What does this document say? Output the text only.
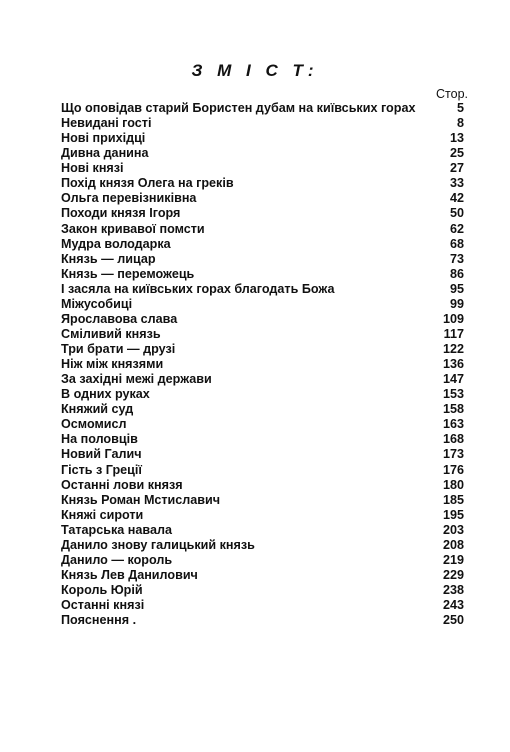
З М І С Т:
Стор.
Що оповідав старий Бористен дубам на київських горах	5
Невидані гості	8
Нові прихідці	13
Дивна данина	25
Нові князі	27
Похід князя Олега на греків	33
Ольга перевізниківна	42
Походи князя Ігоря	50
Закон кривавої помсти	62
Мудра володарка	68
Князь — лицар	73
Князь — переможець	86
І засяла на київських горах благодать Божа	95
Міжусобиці	99
Ярославова слава	109
Сміливий князь	117
Три брати — друзі	122
Ніж між князями	136
За західні межі держави	147
В одних руках	153
Княжий суд	158
Осмомисл	163
На половців	168
Новий Галич	173
Гість з Греції	176
Останні лови князя	180
Князь Роман Мстиславич	185
Княжі сироти	195
Татарська навала	203
Данило знову галицький князь	208
Данило — король	219
Князь Лев Данилович	229
Король Юрій	238
Останні князі	243
Пояснення .	250
